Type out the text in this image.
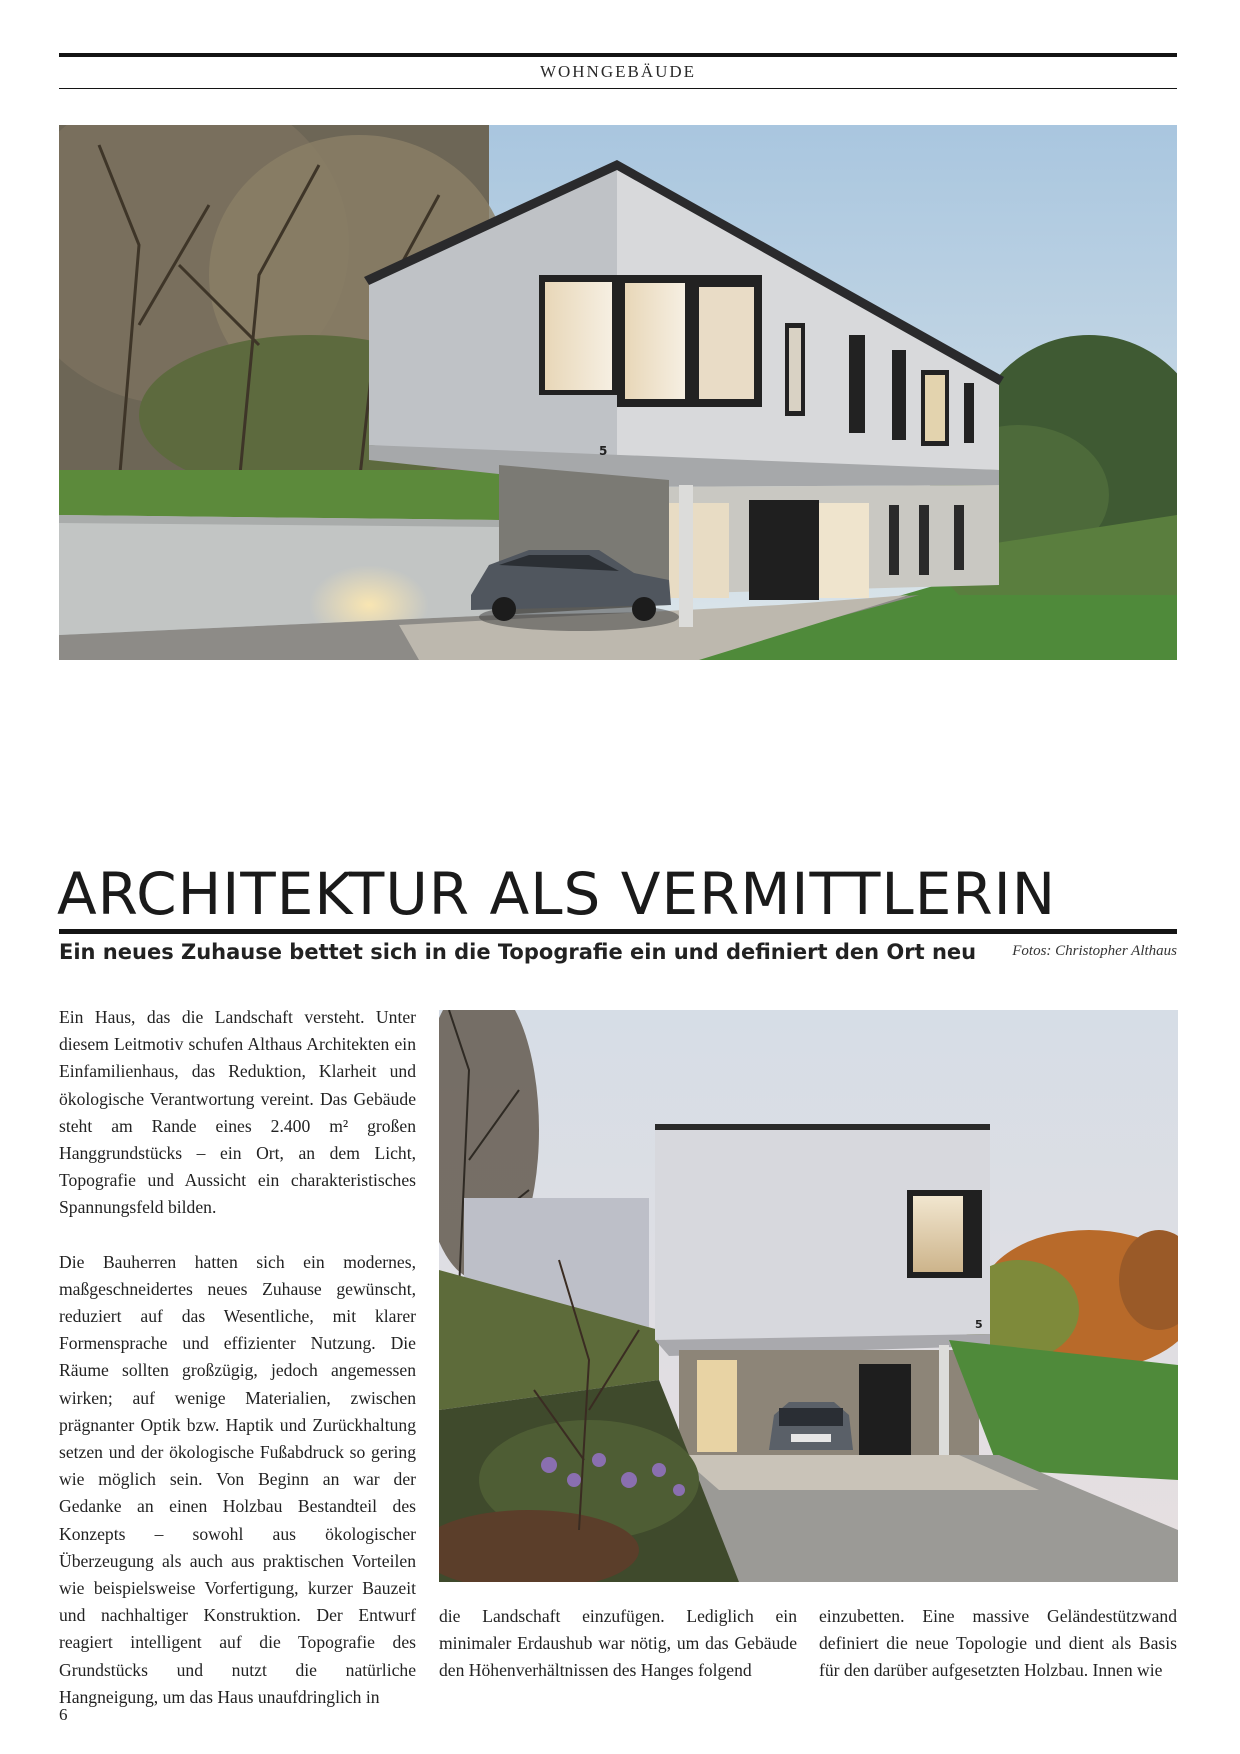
WOHNGEBÄUDE
5
ARCHITEKTUR ALS VERMITTLERIN
Ein neues Zuhause bettet sich in die Topografie ein und definiert den Ort neu Fotos: Christopher Althaus

Ein Haus, das die Landschaft versteht. Unter diesem Leitmotiv schufen Althaus Architekten ein Einfamilienhaus, das Reduktion, Klarheit und ökologische Verantwortung vereint. Das Gebäude steht am Rande eines 2.400 m² großen Hanggrundstücks – ein Ort, an dem Licht, Topografie und Aussicht ein charakteristisches Spannungsfeld bilden.

Die Bauherren hatten sich ein modernes, maßgeschneidertes neues Zuhause gewünscht, reduziert auf das Wesentliche, mit klarer Formensprache und effizienter Nutzung. Die Räume sollten großzügig, jedoch angemessen wirken; auf wenige Materialien, zwischen prägnanter Optik bzw. Haptik und Zurückhaltung setzen und der ökologische Fußabdruck so gering wie möglich sein. Von Beginn an war der Gedanke an einen Holzbau Bestandteil des Konzepts – sowohl aus ökologischer Überzeugung als auch aus praktischen Vorteilen wie beispielsweise Vorfertigung, kurzer Bauzeit und nachhaltiger Konstruktion. Der Entwurf reagiert intelligent auf die Topografie des Grundstücks und nutzt die natürliche Hangneigung, um das Haus unaufdringlich in

5

die Landschaft einzufügen. Lediglich ein minimaler Erdaushub war nötig, um das Gebäude den Höhenverhältnissen des Hanges folgend

einzubetten. Eine massive Geländestützwand definiert die neue Topologie und dient als Basis für den darüber aufgesetzten Holzbau. Innen wie

6
